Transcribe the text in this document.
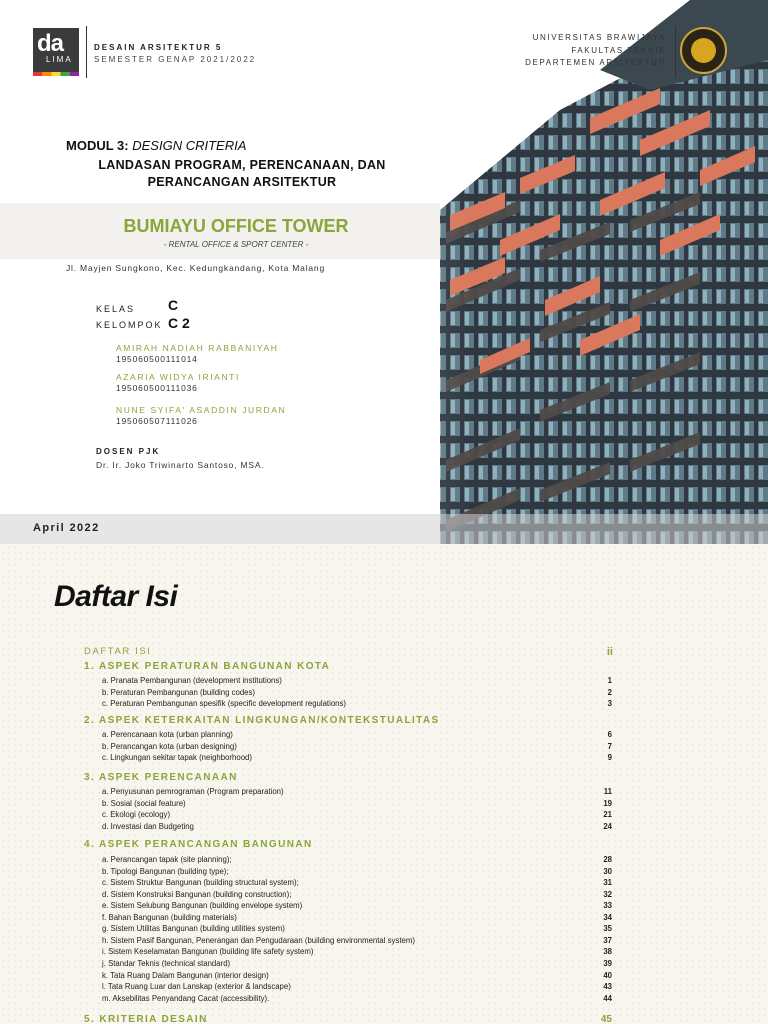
da
LIMA
DESAIN ARSITEKTUR 5
SEMESTER GENAP 2021/2022
UNIVERSITAS BRAWIJAYA
FAKULTAS TEKNIK
DEPARTEMEN ARSITEKTUR
MODUL 3: DESIGN CRITERIA
LANDASAN PROGRAM, PERENCANAAN, DAN PERANCANGAN ARSITEKTUR
BUMIAYU OFFICE TOWER
- RENTAL OFFICE & SPORT CENTER -
Jl. Mayjen Sungkono, Kec. Kedungkandang, Kota Malang
KELAS C
KELOMPOK C 2
AMIRAH NADIAH RABBANIYAH
195060500111014
AZARIA WIDYA IRIANTI
195060500111036
NUNE SYIFA' ASADDIN JURDAN
195060507111026
DOSEN PJK
Dr. Ir. Joko Triwinarto Santoso, MSA.
April 2022
Daftar Isi
DAFTAR ISI	ii
1. ASPEK PERATURAN BANGUNAN KOTA
a. Pranata Pembangunan (development institutions)	1
b. Peraturan Pembangunan (building codes)	2
c. Peraturan Pembangunan spesifik (specific development regulations)	3
2. ASPEK KETERKAITAN LINGKUNGAN/KONTEKSTUALITAS
a. Perencanaan kota (urban planning)	6
b. Perancangan kota (urban designing)	7
c. Lingkungan sekitar tapak (neighborhood)	9
3. ASPEK PERENCANAAN
a. Penyusunan pemrograman (Program preparation)	11
b. Sosial (social feature)	19
c. Ekologi (ecology)	21
d. Investasi dan Budgeting	24
4. ASPEK PERANCANGAN BANGUNAN
a. Perancangan tapak (site planning);	28
b. Tipologi Bangunan (building type);	30
c. Sistem Struktur Bangunan (building structural system);	31
d. Sistem Konstruksi Bangunan (building construction);	32
e. Sistem Selubung Bangunan (building envelope system)	33
f. Bahan Bangunan (building materials)	34
g. Sistem Utilitas Bangunan (building utilities system)	35
h. Sistem Pasif Bangunan, Penerangan dan Pengudaraan (building environmental system)	37
i. Sistem Keselamatan Bangunan (building life safety system)	38
j. Standar Teknis (technical standard)	39
k. Tata Ruang Dalam Bangunan (interior design)	40
l. Tata Ruang Luar dan Lanskap (exterior & landscape)	43
m. Aksebilitas Penyandang Cacat (accessibility).	44
5. KRITERIA DESAIN	45
